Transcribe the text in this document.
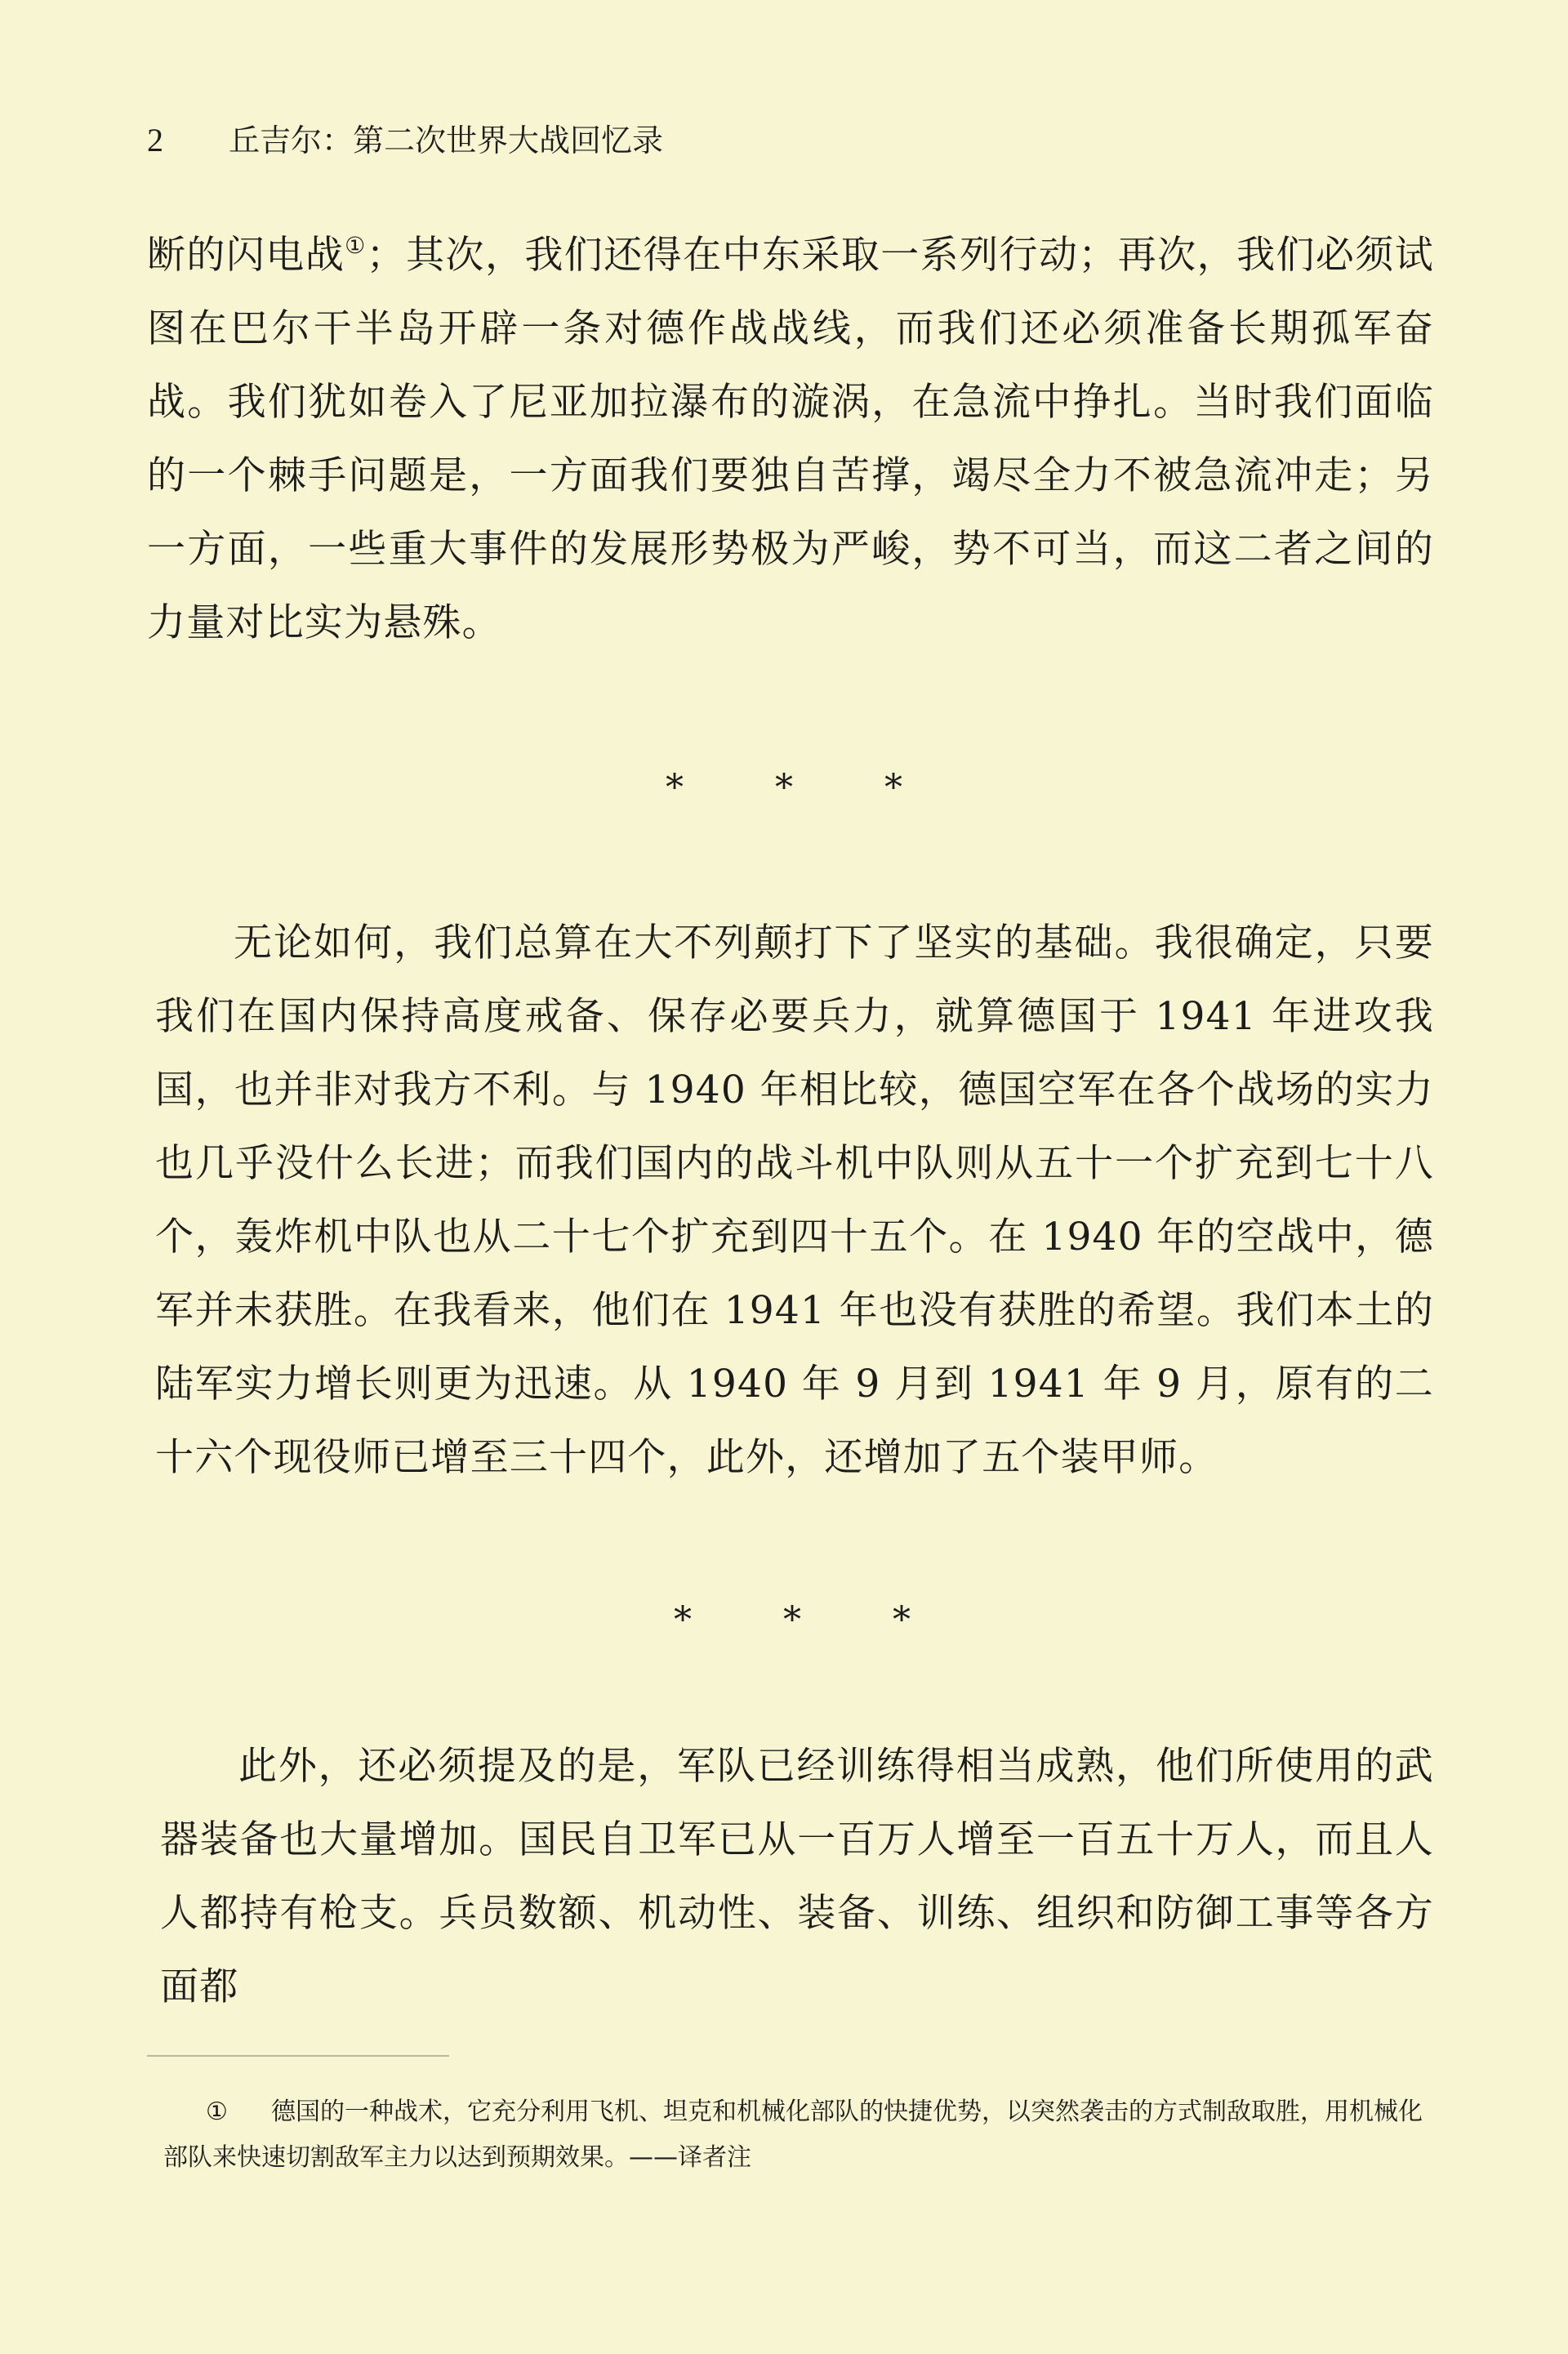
2 丘吉尔：第二次世界大战回忆录

断的闪电战①；其次，我们还得在中东采取一系列行动；再次，我们必须试图在巴尔干半岛开辟一条对德作战战线，而我们还必须准备长期孤军奋战。我们犹如卷入了尼亚加拉瀑布的漩涡，在急流中挣扎。当时我们面临的一个棘手问题是，一方面我们要独自苦撑，竭尽全力不被急流冲走；另一方面，一些重大事件的发展形势极为严峻，势不可当，而这二者之间的力量对比实为悬殊。

*	*	*

无论如何，我们总算在大不列颠打下了坚实的基础。我很确定，只要我们在国内保持高度戒备、保存必要兵力，就算德国于 1941 年进攻我国，也并非对我方不利。与 1940 年相比较，德国空军在各个战场的实力也几乎没什么长进；而我们国内的战斗机中队则从五十一个扩充到七十八个，轰炸机中队也从二十七个扩充到四十五个。在 1940 年的空战中，德军并未获胜。在我看来，他们在 1941 年也没有获胜的希望。我们本土的陆军实力增长则更为迅速。从 1940 年 9 月到 1941 年 9 月，原有的二十六个现役师已增至三十四个，此外，还增加了五个装甲师。

*	*	*

此外，还必须提及的是，军队已经训练得相当成熟，他们所使用的武器装备也大量增加。国民自卫军已从一百万人增至一百五十万人，而且人人都持有枪支。兵员数额、机动性、装备、训练、组织和防御工事等各方面都

① 德国的一种战术，它充分利用飞机、坦克和机械化部队的快捷优势，以突然袭击的方式制敌取胜，用机械化部队来快速切割敌军主力以达到预期效果。——译者注
